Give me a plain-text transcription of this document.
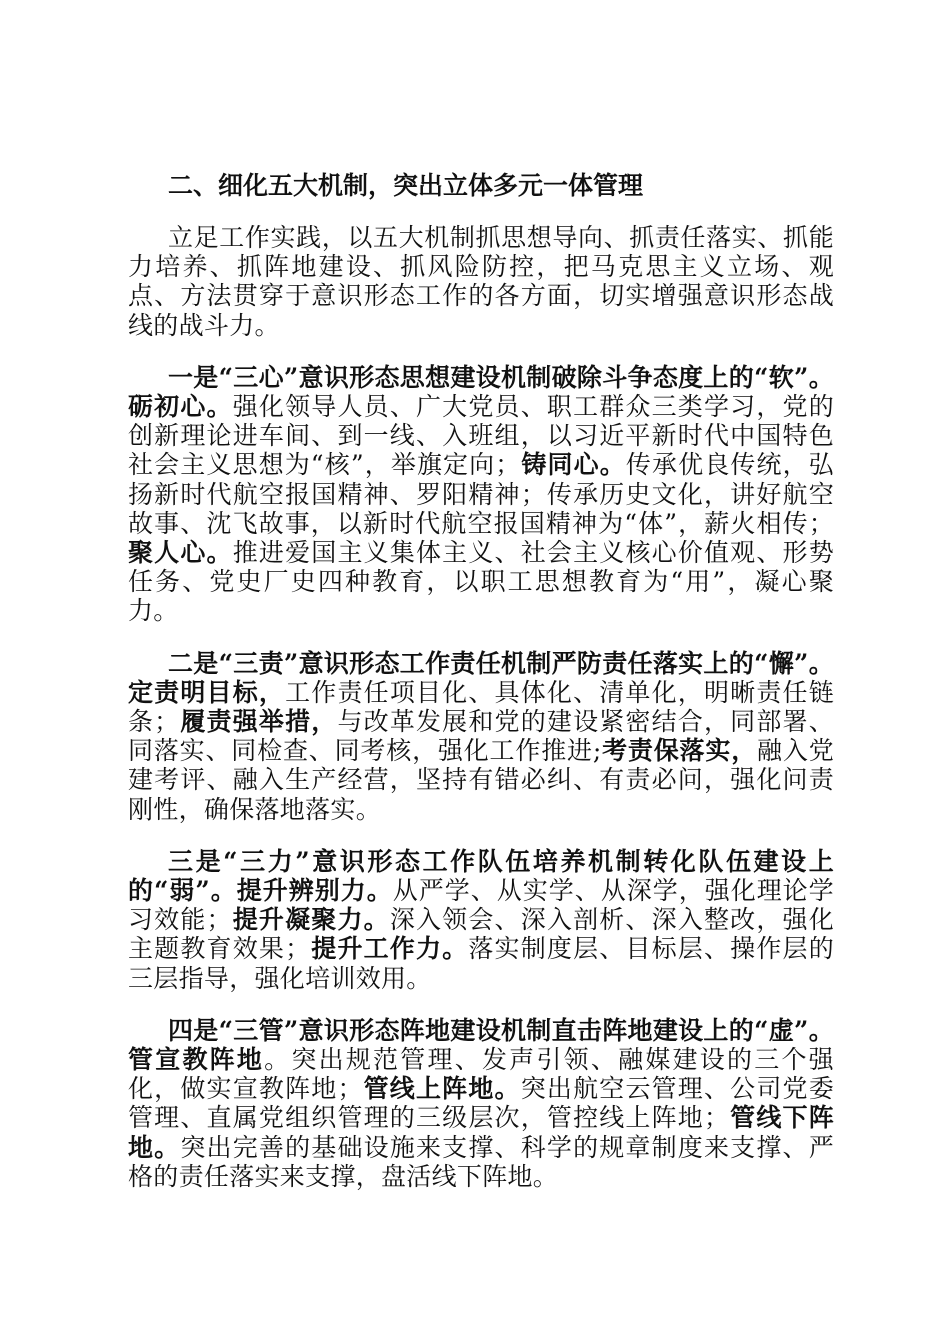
二、细化五大机制，突出立体多元一体管理

立足工作实践，以五大机制抓思想导向、抓责任落实、抓能力培养、抓阵地建设、抓风险防控，把马克思主义立场、观点、方法贯穿于意识形态工作的各方面，切实增强意识形态战线的战斗力。

一是“三心”意识形态思想建设机制破除斗争态度上的“软”。砺初心。强化领导人员、广大党员、职工群众三类学习，党的创新理论进车间、到一线、入班组，以习近平新时代中国特色社会主义思想为“核”，举旗定向；铸同心。传承优良传统，弘扬新时代航空报国精神、罗阳精神；传承历史文化，讲好航空故事、沈飞故事，以新时代航空报国精神为“体”，薪火相传；聚人心。推进爱国主义集体主义、社会主义核心价值观、形势任务、党史厂史四种教育，以职工思想教育为“用”，凝心聚力。

二是“三责”意识形态工作责任机制严防责任落实上的“懈”。定责明目标，工作责任项目化、具体化、清单化，明晰责任链条；履责强举措，与改革发展和党的建设紧密结合，同部署、同落实、同检查、同考核，强化工作推进;考责保落实，融入党建考评、融入生产经营，坚持有错必纠、有责必问，强化问责刚性，确保落地落实。

三是“三力”意识形态工作队伍培养机制转化队伍建设上的“弱”。提升辨别力。从严学、从实学、从深学，强化理论学习效能；提升凝聚力。深入领会、深入剖析、深入整改，强化主题教育效果；提升工作力。落实制度层、目标层、操作层的三层指导，强化培训效用。

四是“三管”意识形态阵地建设机制直击阵地建设上的“虚”。管宣教阵地。突出规范管理、发声引领、融媒建设的三个强化，做实宣教阵地；管线上阵地。突出航空云管理、公司党委管理、直属党组织管理的三级层次，管控线上阵地；管线下阵地。突出完善的基础设施来支撑、科学的规章制度来支撑、严格的责任落实来支撑，盘活线下阵地。
